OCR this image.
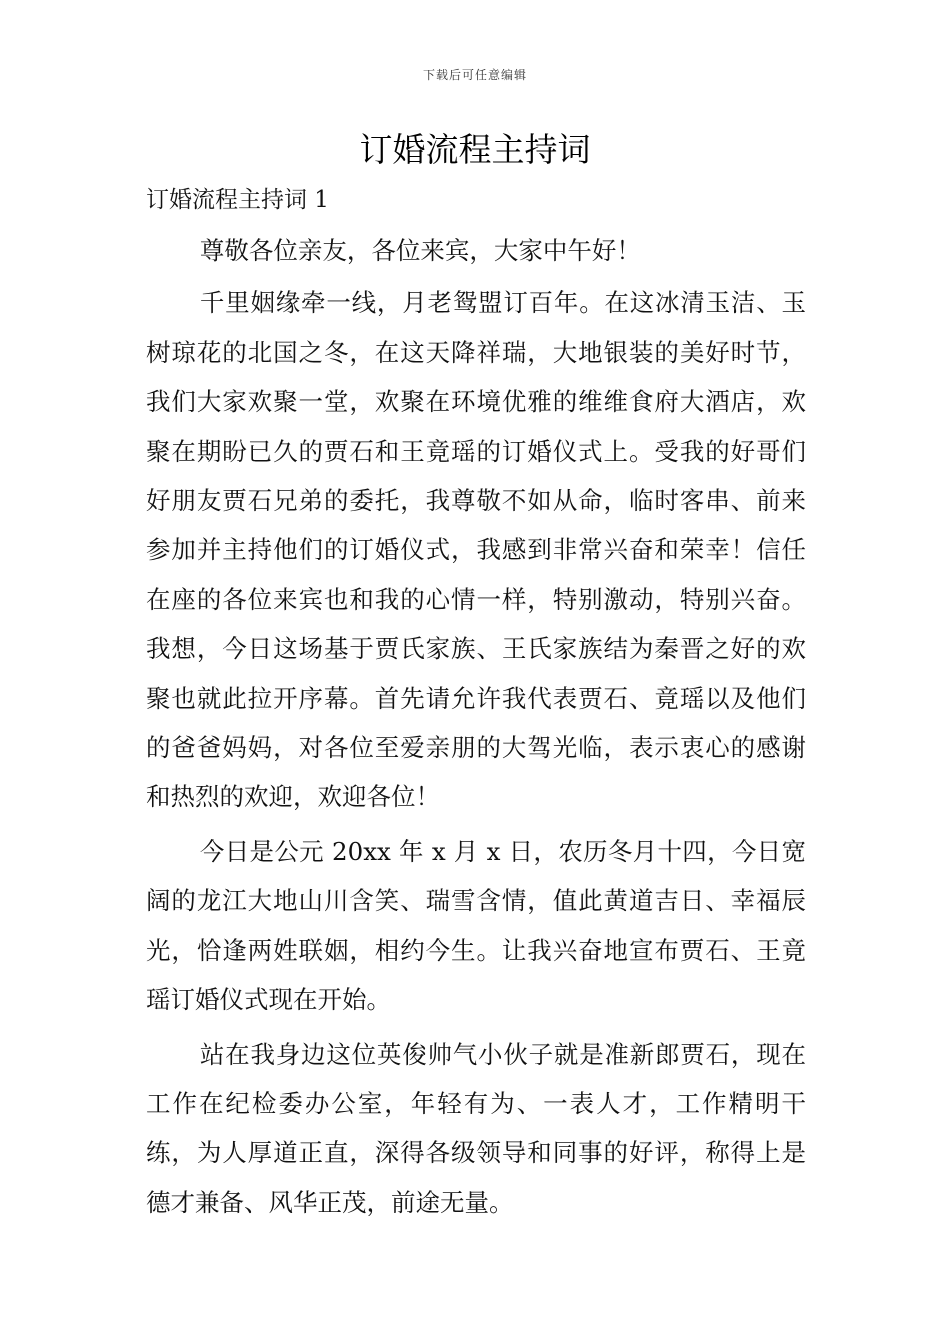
下载后可任意编辑
订婚流程主持词

订婚流程主持词 1

尊敬各位亲友，各位来宾，大家中午好！

千里姻缘牵一线，月老鸳盟订百年。在这冰清玉洁、玉树琼花的北国之冬，在这天降祥瑞，大地银装的美好时节，我们大家欢聚一堂，欢聚在环境优雅的维维食府大酒店，欢聚在期盼已久的贾石和王竟瑶的订婚仪式上。受我的好哥们好朋友贾石兄弟的委托，我尊敬不如从命，临时客串、前来参加并主持他们的订婚仪式，我感到非常兴奋和荣幸！信任在座的各位来宾也和我的心情一样，特别激动，特别兴奋。我想，今日这场基于贾氏家族、王氏家族结为秦晋之好的欢聚也就此拉开序幕。首先请允许我代表贾石、竟瑶以及他们的爸爸妈妈，对各位至爱亲朋的大驾光临，表示衷心的感谢和热烈的欢迎，欢迎各位！

今日是公元 20xx 年 x 月 x 日，农历冬月十四，今日宽阔的龙江大地山川含笑、瑞雪含情，值此黄道吉日、幸福辰光，恰逢两姓联姻，相约今生。让我兴奋地宣布贾石、王竟瑶订婚仪式现在开始。

站在我身边这位英俊帅气小伙子就是准新郎贾石，现在工作在纪检委办公室，年轻有为、一表人才，工作精明干练，为人厚道正直，深得各级领导和同事的好评，称得上是德才兼备、风华正茂，前途无量。
